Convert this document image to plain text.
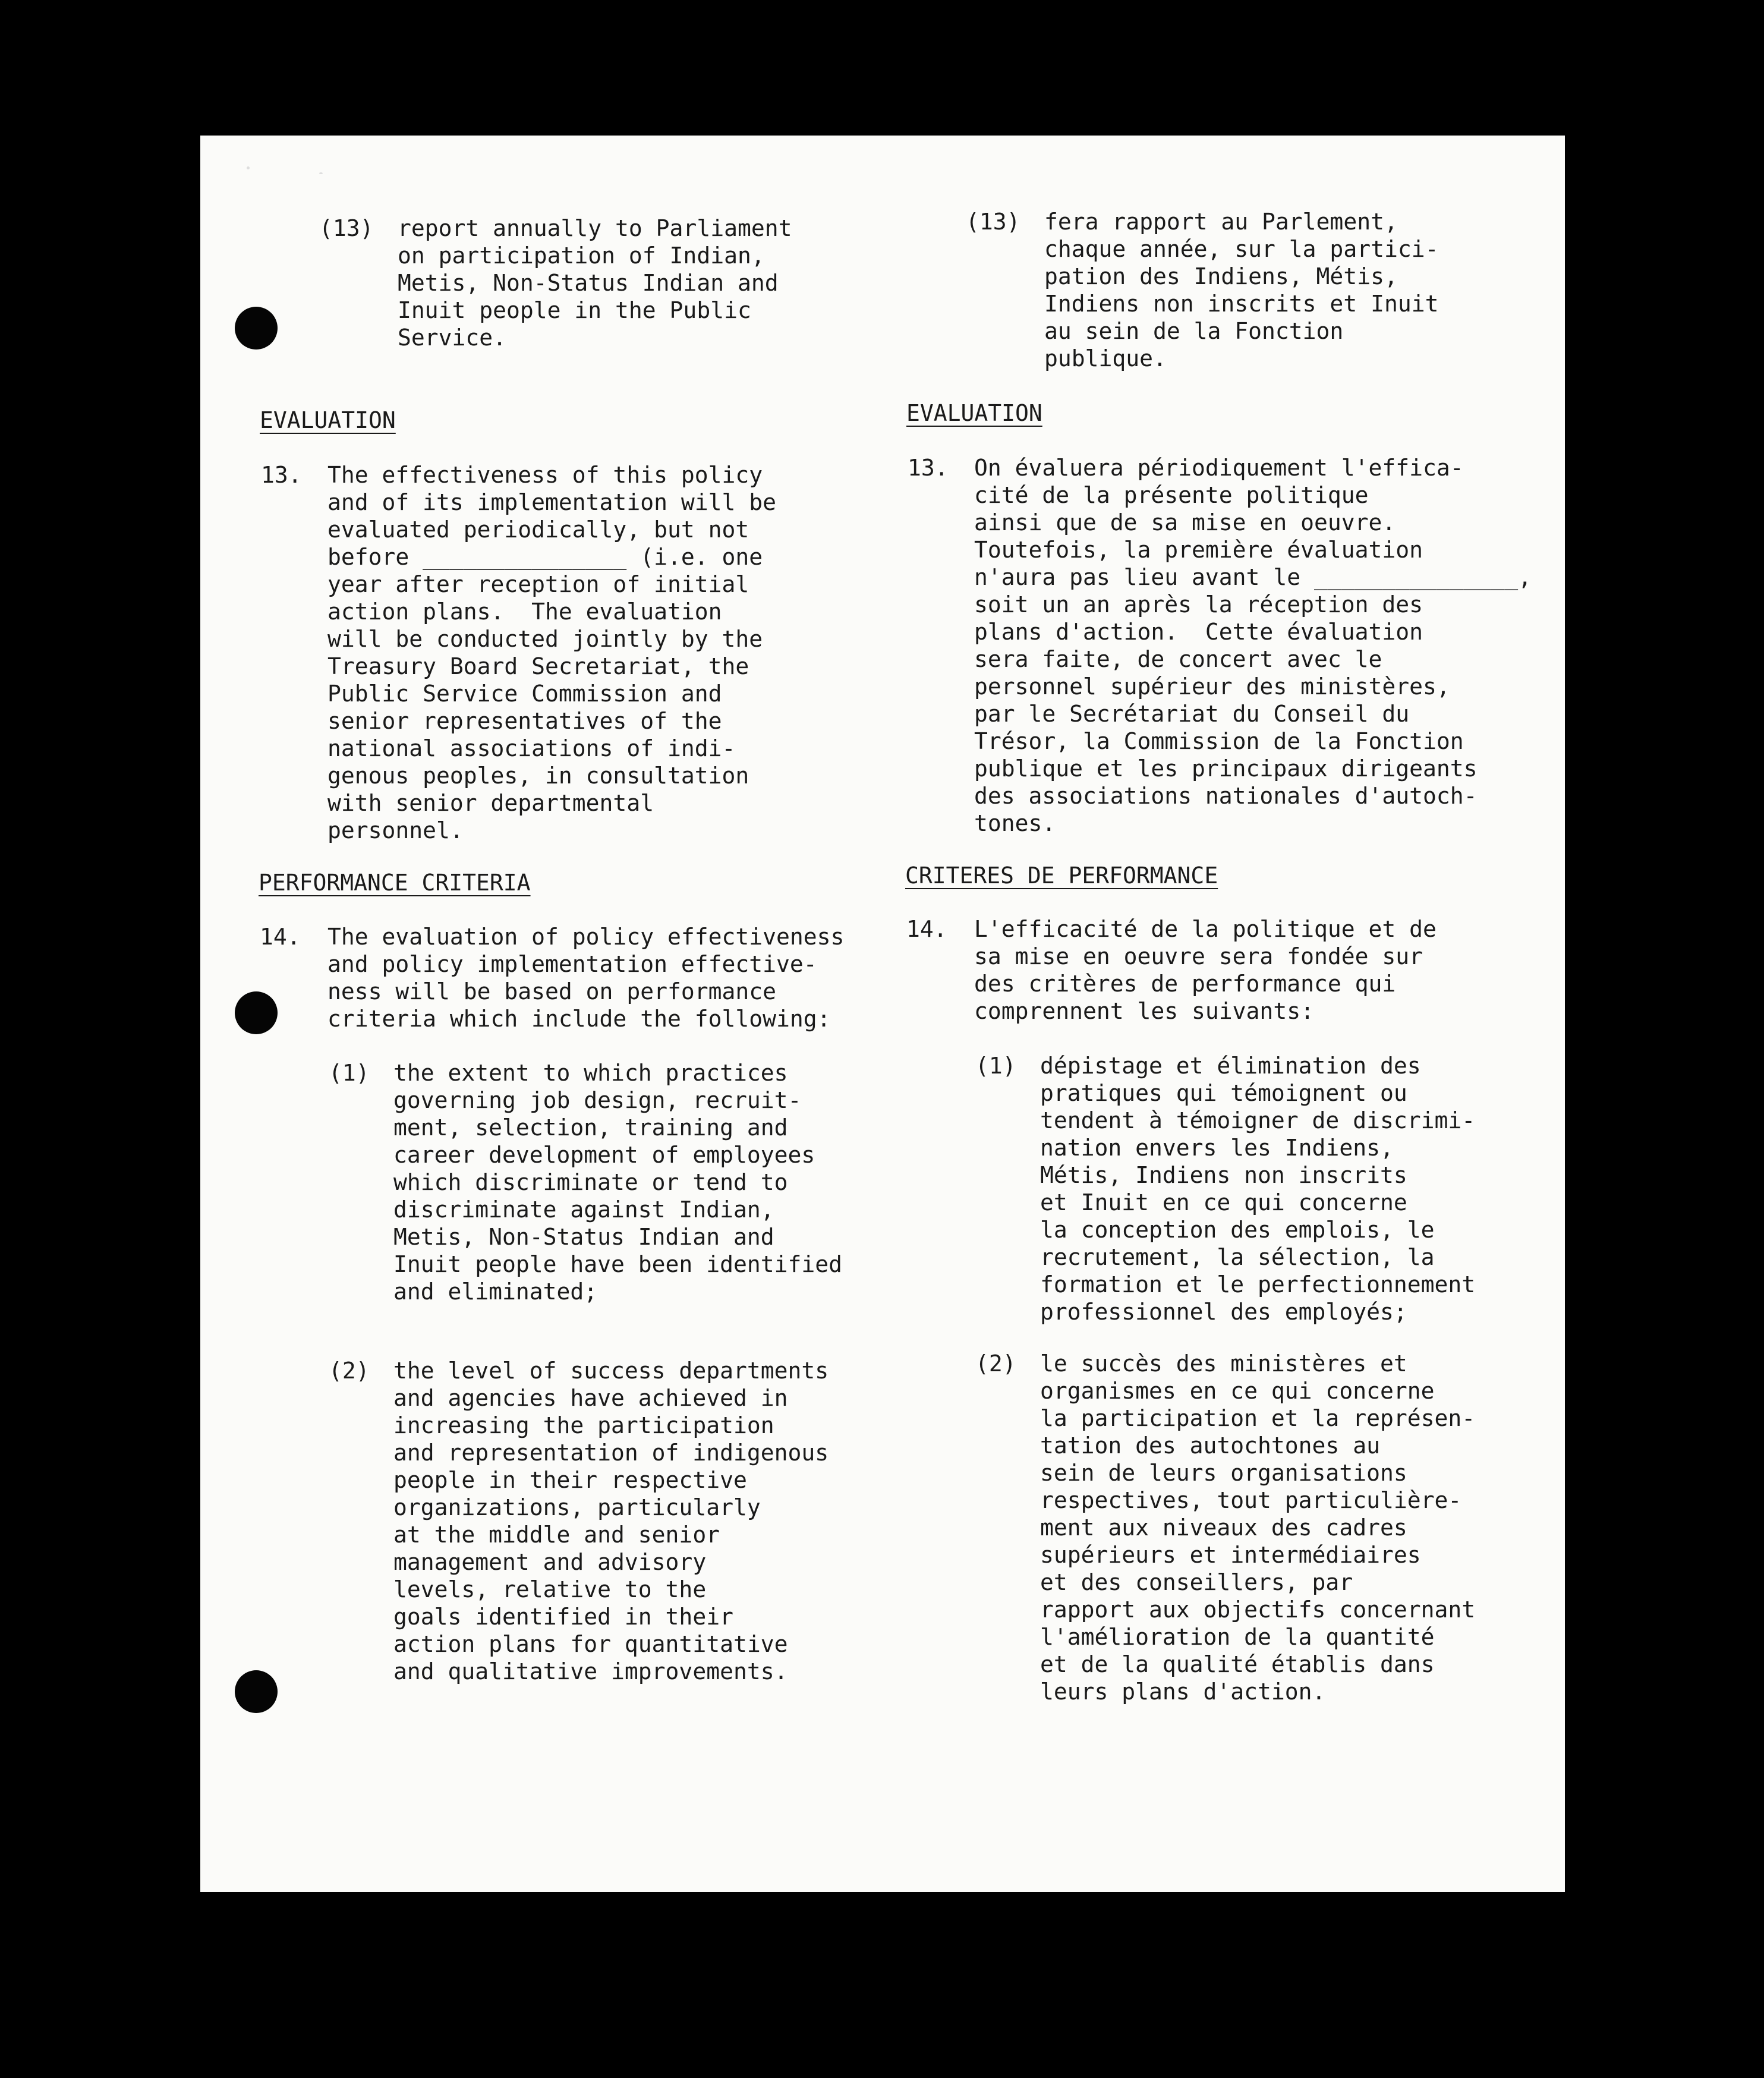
(13)

report annually to Parliament
on participation of Indian,
Metis, Non-Status Indian and
Inuit people in the Public
Service.

EVALUATION

13.

The effectiveness of this policy
and of its implementation will be
evaluated periodically, but not
before _______________ (i.e. one
year after reception of initial
action plans.  The evaluation
will be conducted jointly by the
Treasury Board Secretariat, the
Public Service Commission and
senior representatives of the
national associations of indi-
genous peoples, in consultation
with senior departmental
personnel.

PERFORMANCE CRITERIA

14.

The evaluation of policy effectiveness
and policy implementation effective-
ness will be based on performance
criteria which include the following:

(1)

the extent to which practices
governing job design, recruit-
ment, selection, training and
career development of employees
which discriminate or tend to
discriminate against Indian,
Metis, Non-Status Indian and
Inuit people have been identified
and eliminated;

(2)

the level of success departments
and agencies have achieved in
increasing the participation
and representation of indigenous
people in their respective
organizations, particularly
at the middle and senior
management and advisory
levels, relative to the
goals identified in their
action plans for quantitative
and qualitative improvements.

(13)

fera rapport au Parlement,
chaque année, sur la partici-
pation des Indiens, Métis,
Indiens non inscrits et Inuit
au sein de la Fonction
publique.

EVALUATION

13.

On évaluera périodiquement l'effica-
cité de la présente politique
ainsi que de sa mise en oeuvre.
Toutefois, la première évaluation
n'aura pas lieu avant le _______________,
soit un an après la réception des
plans d'action.  Cette évaluation
sera faite, de concert avec le
personnel supérieur des ministères,
par le Secrétariat du Conseil du
Trésor, la Commission de la Fonction
publique et les principaux dirigeants
des associations nationales d'autoch-
tones.

CRITERES DE PERFORMANCE

14.

L'efficacité de la politique et de
sa mise en oeuvre sera fondée sur
des critères de performance qui
comprennent les suivants:

(1)

dépistage et élimination des
pratiques qui témoignent ou
tendent à témoigner de discrimi-
nation envers les Indiens,
Métis, Indiens non inscrits
et Inuit en ce qui concerne
la conception des emplois, le
recrutement, la sélection, la
formation et le perfectionnement
professionnel des employés;

(2)

le succès des ministères et
organismes en ce qui concerne
la participation et la représen-
tation des autochtones au
sein de leurs organisations
respectives, tout particulière-
ment aux niveaux des cadres
supérieurs et intermédiaires
et des conseillers, par
rapport aux objectifs concernant
l'amélioration de la quantité
et de la qualité établis dans
leurs plans d'action.
